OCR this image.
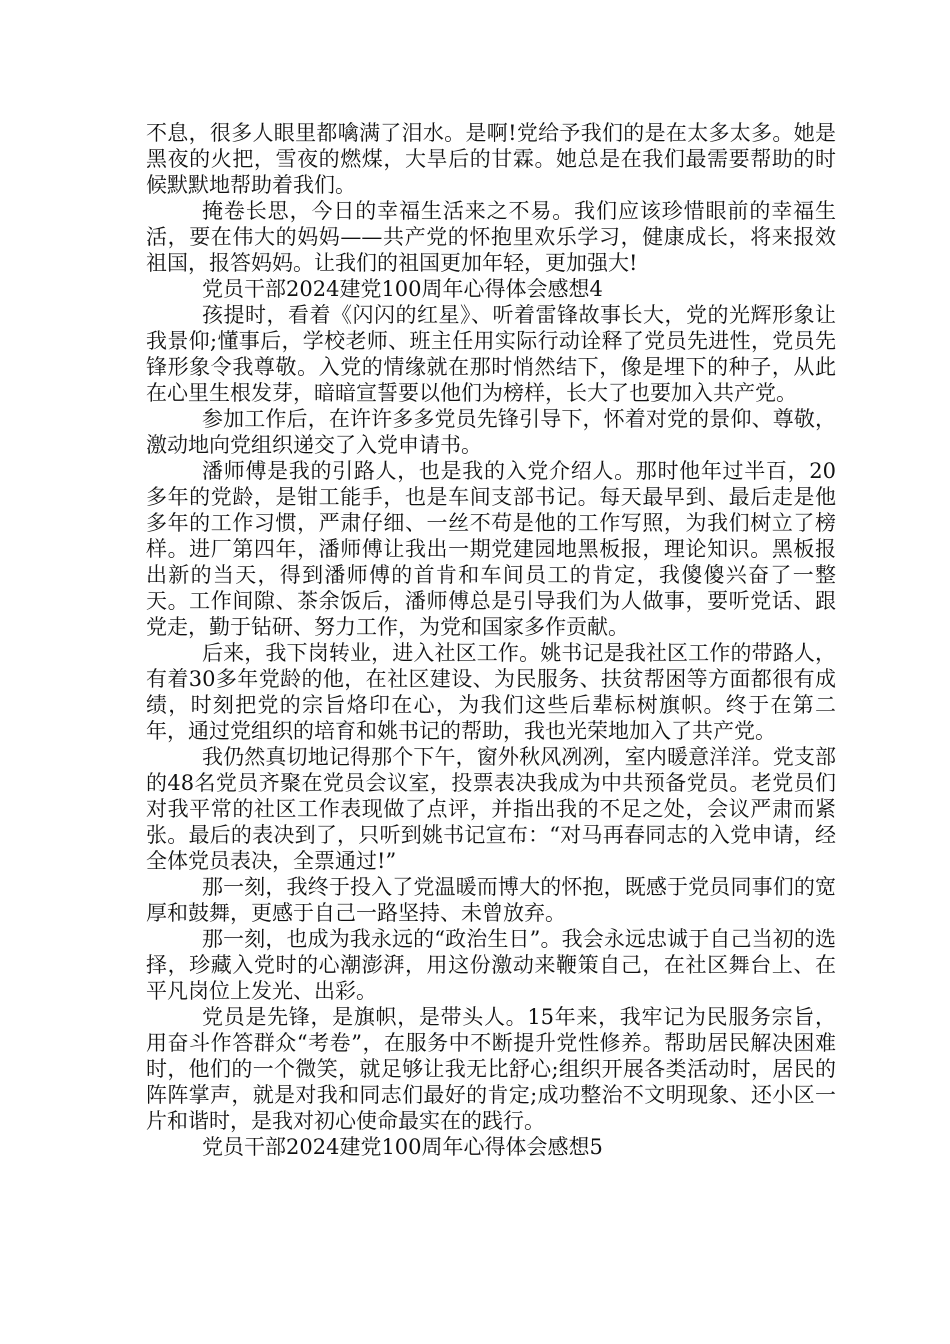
不息，很多人眼里都噙满了泪水。是啊!党给予我们的是在太多太多。她是黑夜的火把，雪夜的燃煤，大旱后的甘霖。她总是在我们最需要帮助的时候默默地帮助着我们。

掩卷长思，今日的幸福生活来之不易。我们应该珍惜眼前的幸福生活，要在伟大的妈妈——共产党的怀抱里欢乐学习，健康成长，将来报效祖国，报答妈妈。让我们的祖国更加年轻，更加强大!

党员干部2024建党100周年心得体会感想4

孩提时，看着《闪闪的红星》、听着雷锋故事长大，党的光辉形象让我景仰;懂事后，学校老师、班主任用实际行动诠释了党员先进性，党员先锋形象令我尊敬。入党的情缘就在那时悄然结下，像是埋下的种子，从此在心里生根发芽，暗暗宣誓要以他们为榜样，长大了也要加入共产党。

参加工作后，在许许多多党员先锋引导下，怀着对党的景仰、尊敬，激动地向党组织递交了入党申请书。

潘师傅是我的引路人，也是我的入党介绍人。那时他年过半百，20多年的党龄，是钳工能手，也是车间支部书记。每天最早到、最后走是他多年的工作习惯，严肃仔细、一丝不苟是他的工作写照，为我们树立了榜样。进厂第四年，潘师傅让我出一期党建园地黑板报，理论知识。黑板报出新的当天，得到潘师傅的首肯和车间员工的肯定，我傻傻兴奋了一整天。工作间隙、茶余饭后，潘师傅总是引导我们为人做事，要听党话、跟党走，勤于钻研、努力工作，为党和国家多作贡献。

后来，我下岗转业，进入社区工作。姚书记是我社区工作的带路人，有着30多年党龄的他，在社区建设、为民服务、扶贫帮困等方面都很有成绩，时刻把党的宗旨烙印在心，为我们这些后辈标树旗帜。终于在第二年，通过党组织的培育和姚书记的帮助，我也光荣地加入了共产党。

我仍然真切地记得那个下午，窗外秋风冽冽，室内暖意洋洋。党支部的48名党员齐聚在党员会议室，投票表决我成为中共预备党员。老党员们对我平常的社区工作表现做了点评，并指出我的不足之处，会议严肃而紧张。最后的表决到了，只听到姚书记宣布：“对马再春同志的入党申请，经全体党员表决，全票通过!”

那一刻，我终于投入了党温暖而博大的怀抱，既感于党员同事们的宽厚和鼓舞，更感于自己一路坚持、未曾放弃。

那一刻，也成为我永远的“政治生日”。我会永远忠诚于自己当初的选择，珍藏入党时的心潮澎湃，用这份激动来鞭策自己，在社区舞台上、在平凡岗位上发光、出彩。

党员是先锋，是旗帜，是带头人。15年来，我牢记为民服务宗旨，用奋斗作答群众“考卷”，在服务中不断提升党性修养。帮助居民解决困难时，他们的一个微笑，就足够让我无比舒心;组织开展各类活动时，居民的阵阵掌声，就是对我和同志们最好的肯定;成功整治不文明现象、还小区一片和谐时，是我对初心使命最实在的践行。

党员干部2024建党100周年心得体会感想5
